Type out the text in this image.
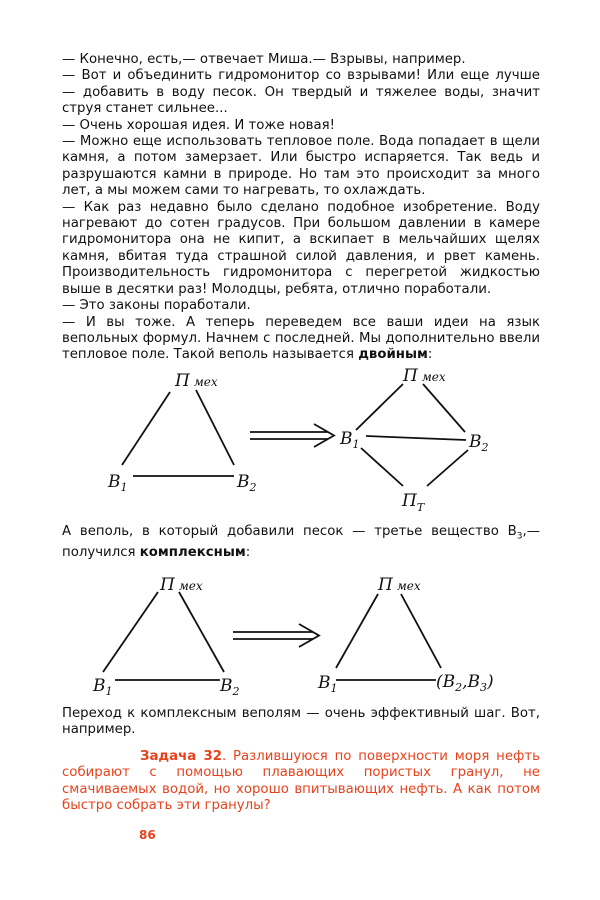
— Конечно, есть,— отвечает Миша.— Взрывы, например.
— Вот и объединить гидромонитор со взрывами! Или еще лучше — добавить в воду песок. Он твердый и тяжелее воды, значит струя станет сильнее...
— Очень хорошая идея. И тоже новая!
— Можно еще использовать тепловое поле. Вода попадает в щели камня, а потом замерзает. Или быстро испаряется. Так ведь и разрушаются камни в природе. Но там это происходит за много лет, а мы можем сами то нагревать, то охлаждать.
— Как раз недавно было сделано подобное изобретение. Воду нагревают до сотен градусов. При большом давлении в камере гидромонитора она не кипит, а вскипает в мельчайших щелях камня, вбитая туда страшной силой давления, и рвет камень. Производительность гидромонитора с перегретой жидкостью выше в десятки раз! Молодцы, ребята, отлично поработали.
— Это законы поработали.
— И вы тоже. А теперь переведем все ваши идеи на язык вепольных формул. Начнем с последней. Мы дополнительно ввели тепловое поле. Такой веполь называется двойным:

П мех
$В_1$	$В_2$
П мех
$В_1$	$В_2$
$П_Т$

А веполь, в который добавили песок — третье вещество $В_3,—$ получился комплексным:

П мех
$В_1$	$В_2$
П мех
$В_1$	$(В_2,В_3)$

Переход к комплексным веполям — очень эффективный шаг. Вот, например.

Задача 32. Разлившуюся по поверхности моря нефть собирают с помощью плавающих пористых гранул, не смачиваемых водой, но хорошо впитывающих нефть. А как потом быстро собрать эти гранулы?

86
